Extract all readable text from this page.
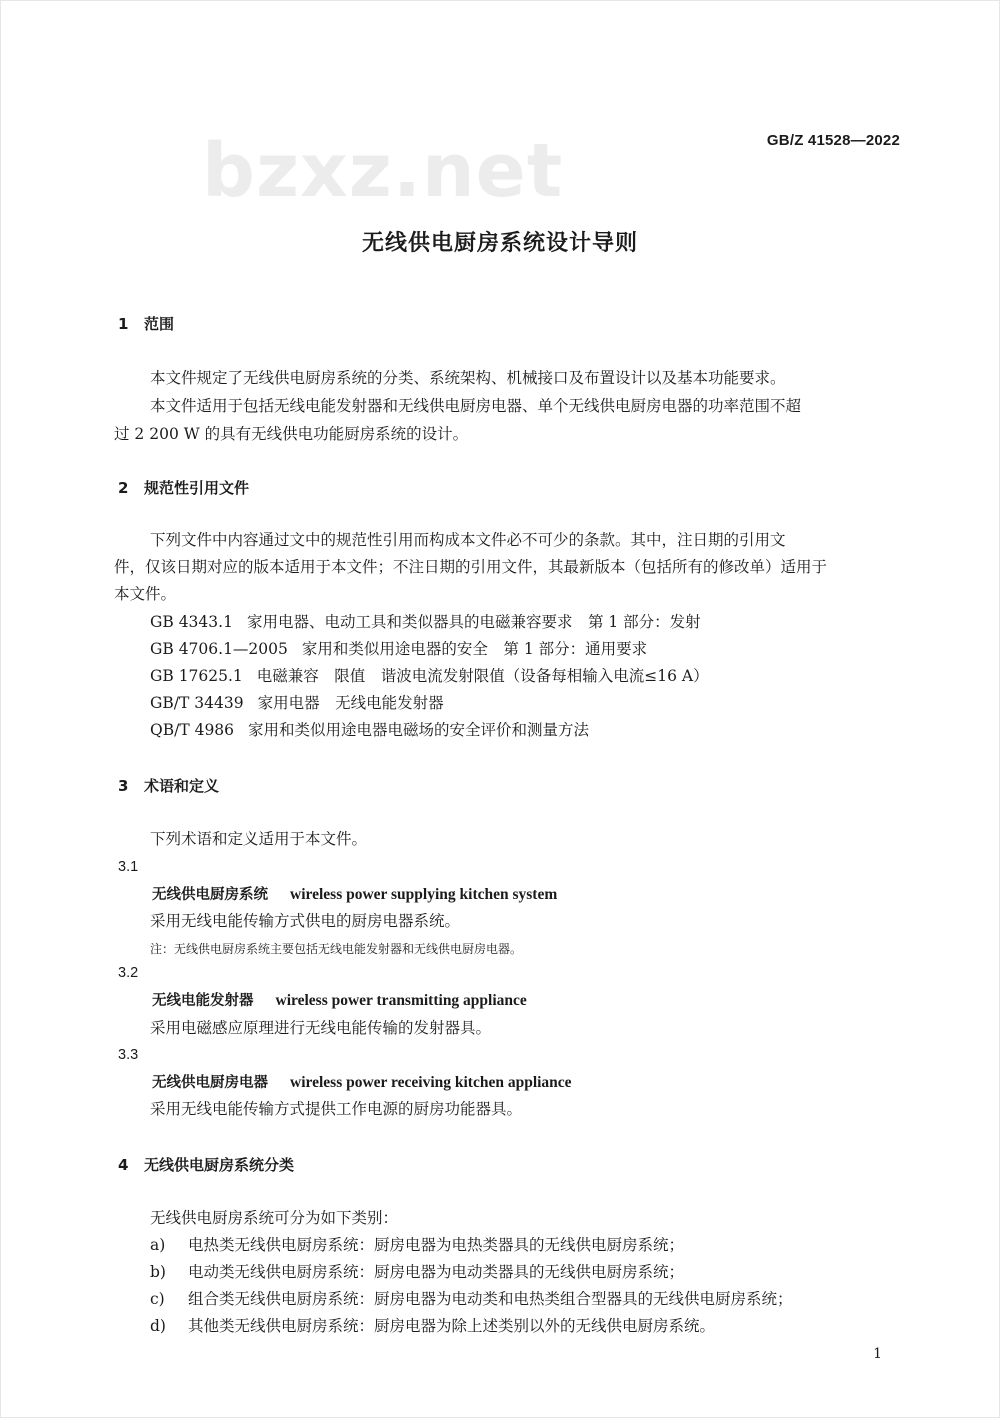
bzxz.net	GB/Z 41528—2022
无线供电厨房系统设计导则
1 范围
本文件规定了无线供电厨房系统的分类、系统架构、机械接口及布置设计以及基本功能要求。
本文件适用于包括无线电能发射器和无线供电厨房电器、单个无线供电厨房电器的功率范围不超
过 2 200 W 的具有无线供电功能厨房系统的设计。
2 规范性引用文件
下列文件中内容通过文中的规范性引用而构成本文件必不可少的条款。其中，注日期的引用文
件，仅该日期对应的版本适用于本文件；不注日期的引用文件，其最新版本（包括所有的修改单）适用于
本文件。
GB 4343.1 家用电器、电动工具和类似器具的电磁兼容要求　第 1 部分：发射
GB 4706.1—2005 家用和类似用途电器的安全　第 1 部分：通用要求
GB 17625.1 电磁兼容　限值　谐波电流发射限值（设备每相输入电流≤16 A）
GB/T 34439 家用电器　无线电能发射器
QB/T 4986 家用和类似用途电器电磁场的安全评价和测量方法
3 术语和定义
下列术语和定义适用于本文件。
3.1
无线供电厨房系统 wireless power supplying kitchen system
采用无线电能传输方式供电的厨房电器系统。
注：无线供电厨房系统主要包括无线电能发射器和无线供电厨房电器。
3.2
无线电能发射器 wireless power transmitting appliance
采用电磁感应原理进行无线电能传输的发射器具。
3.3
无线供电厨房电器 wireless power receiving kitchen appliance
采用无线电能传输方式提供工作电源的厨房功能器具。
4 无线供电厨房系统分类
无线供电厨房系统可分为如下类别：
a) 电热类无线供电厨房系统：厨房电器为电热类器具的无线供电厨房系统；
b) 电动类无线供电厨房系统：厨房电器为电动类器具的无线供电厨房系统；
c) 组合类无线供电厨房系统：厨房电器为电动类和电热类组合型器具的无线供电厨房系统；
d) 其他类无线供电厨房系统：厨房电器为除上述类别以外的无线供电厨房系统。
1
